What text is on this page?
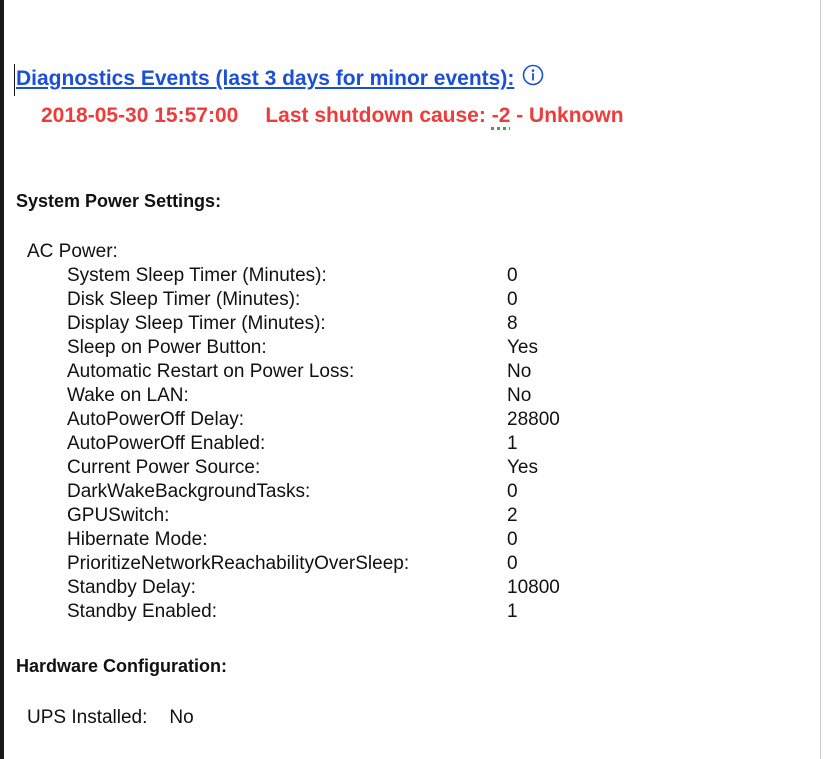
Diagnostics Events (last 3 days for minor events):
2018-05-30 15:57:00 Last shutdown cause: -2 - Unknown
System Power Settings:
AC Power:
System Sleep Timer (Minutes):	0
Disk Sleep Timer (Minutes):	0
Display Sleep Timer (Minutes):	8
Sleep on Power Button:	Yes
Automatic Restart on Power Loss:	No
Wake on LAN:	No
AutoPowerOff Delay:	28800
AutoPowerOff Enabled:	1
Current Power Source:	Yes
DarkWakeBackgroundTasks:	0
GPUSwitch:	2
Hibernate Mode:	0
PrioritizeNetworkReachabilityOverSleep:	0
Standby Delay:	10800
Standby Enabled:	1
Hardware Configuration:
UPS Installed: No
